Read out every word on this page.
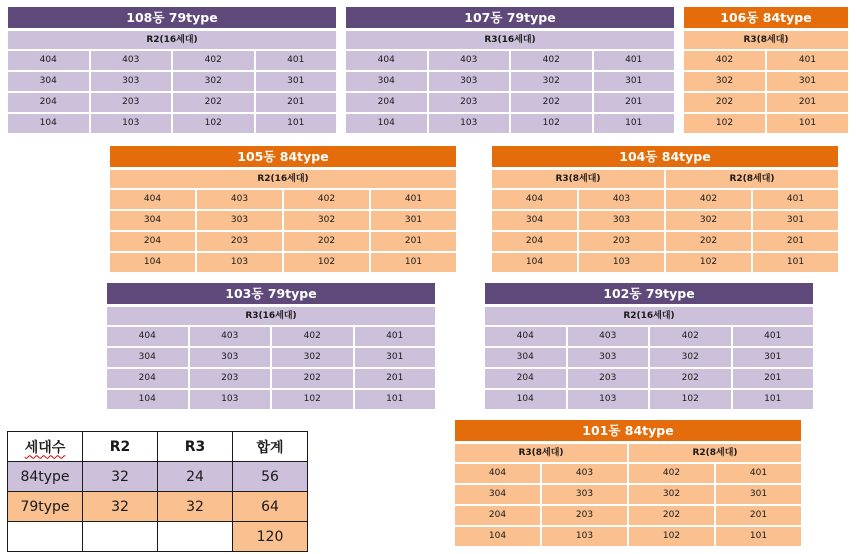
108동 79type
R2(16세대)
404	403	402	401
304	303	302	301
204	203	202	201
104	103	102	101
107동 79type
R3(16세대)
404	403	402	401
304	303	302	301
204	203	202	201
104	103	102	101
106동 84type
R3(8세대)
402	401
302	301
202	201
102	101
105동 84type
R2(16세대)
404	403	402	401
304	303	302	301
204	203	202	201
104	103	102	101
104동 84type
R3(8세대)	R2(8세대)
404	403	402	401
304	303	302	301
204	203	202	201
104	103	102	101
103동 79type
R3(16세대)
404	403	402	401
304	303	302	301
204	203	202	201
104	103	102	101
102동 79type
R2(16세대)
404	403	402	401
304	303	302	301
204	203	202	201
104	103	102	101
101동 84type
R3(8세대)	R2(8세대)
404	403	402	401
304	303	302	301
204	203	202	201
104	103	102	101
세대수	R2	R3	합계
84type	32	24	56
79type	32	32	64
			120
